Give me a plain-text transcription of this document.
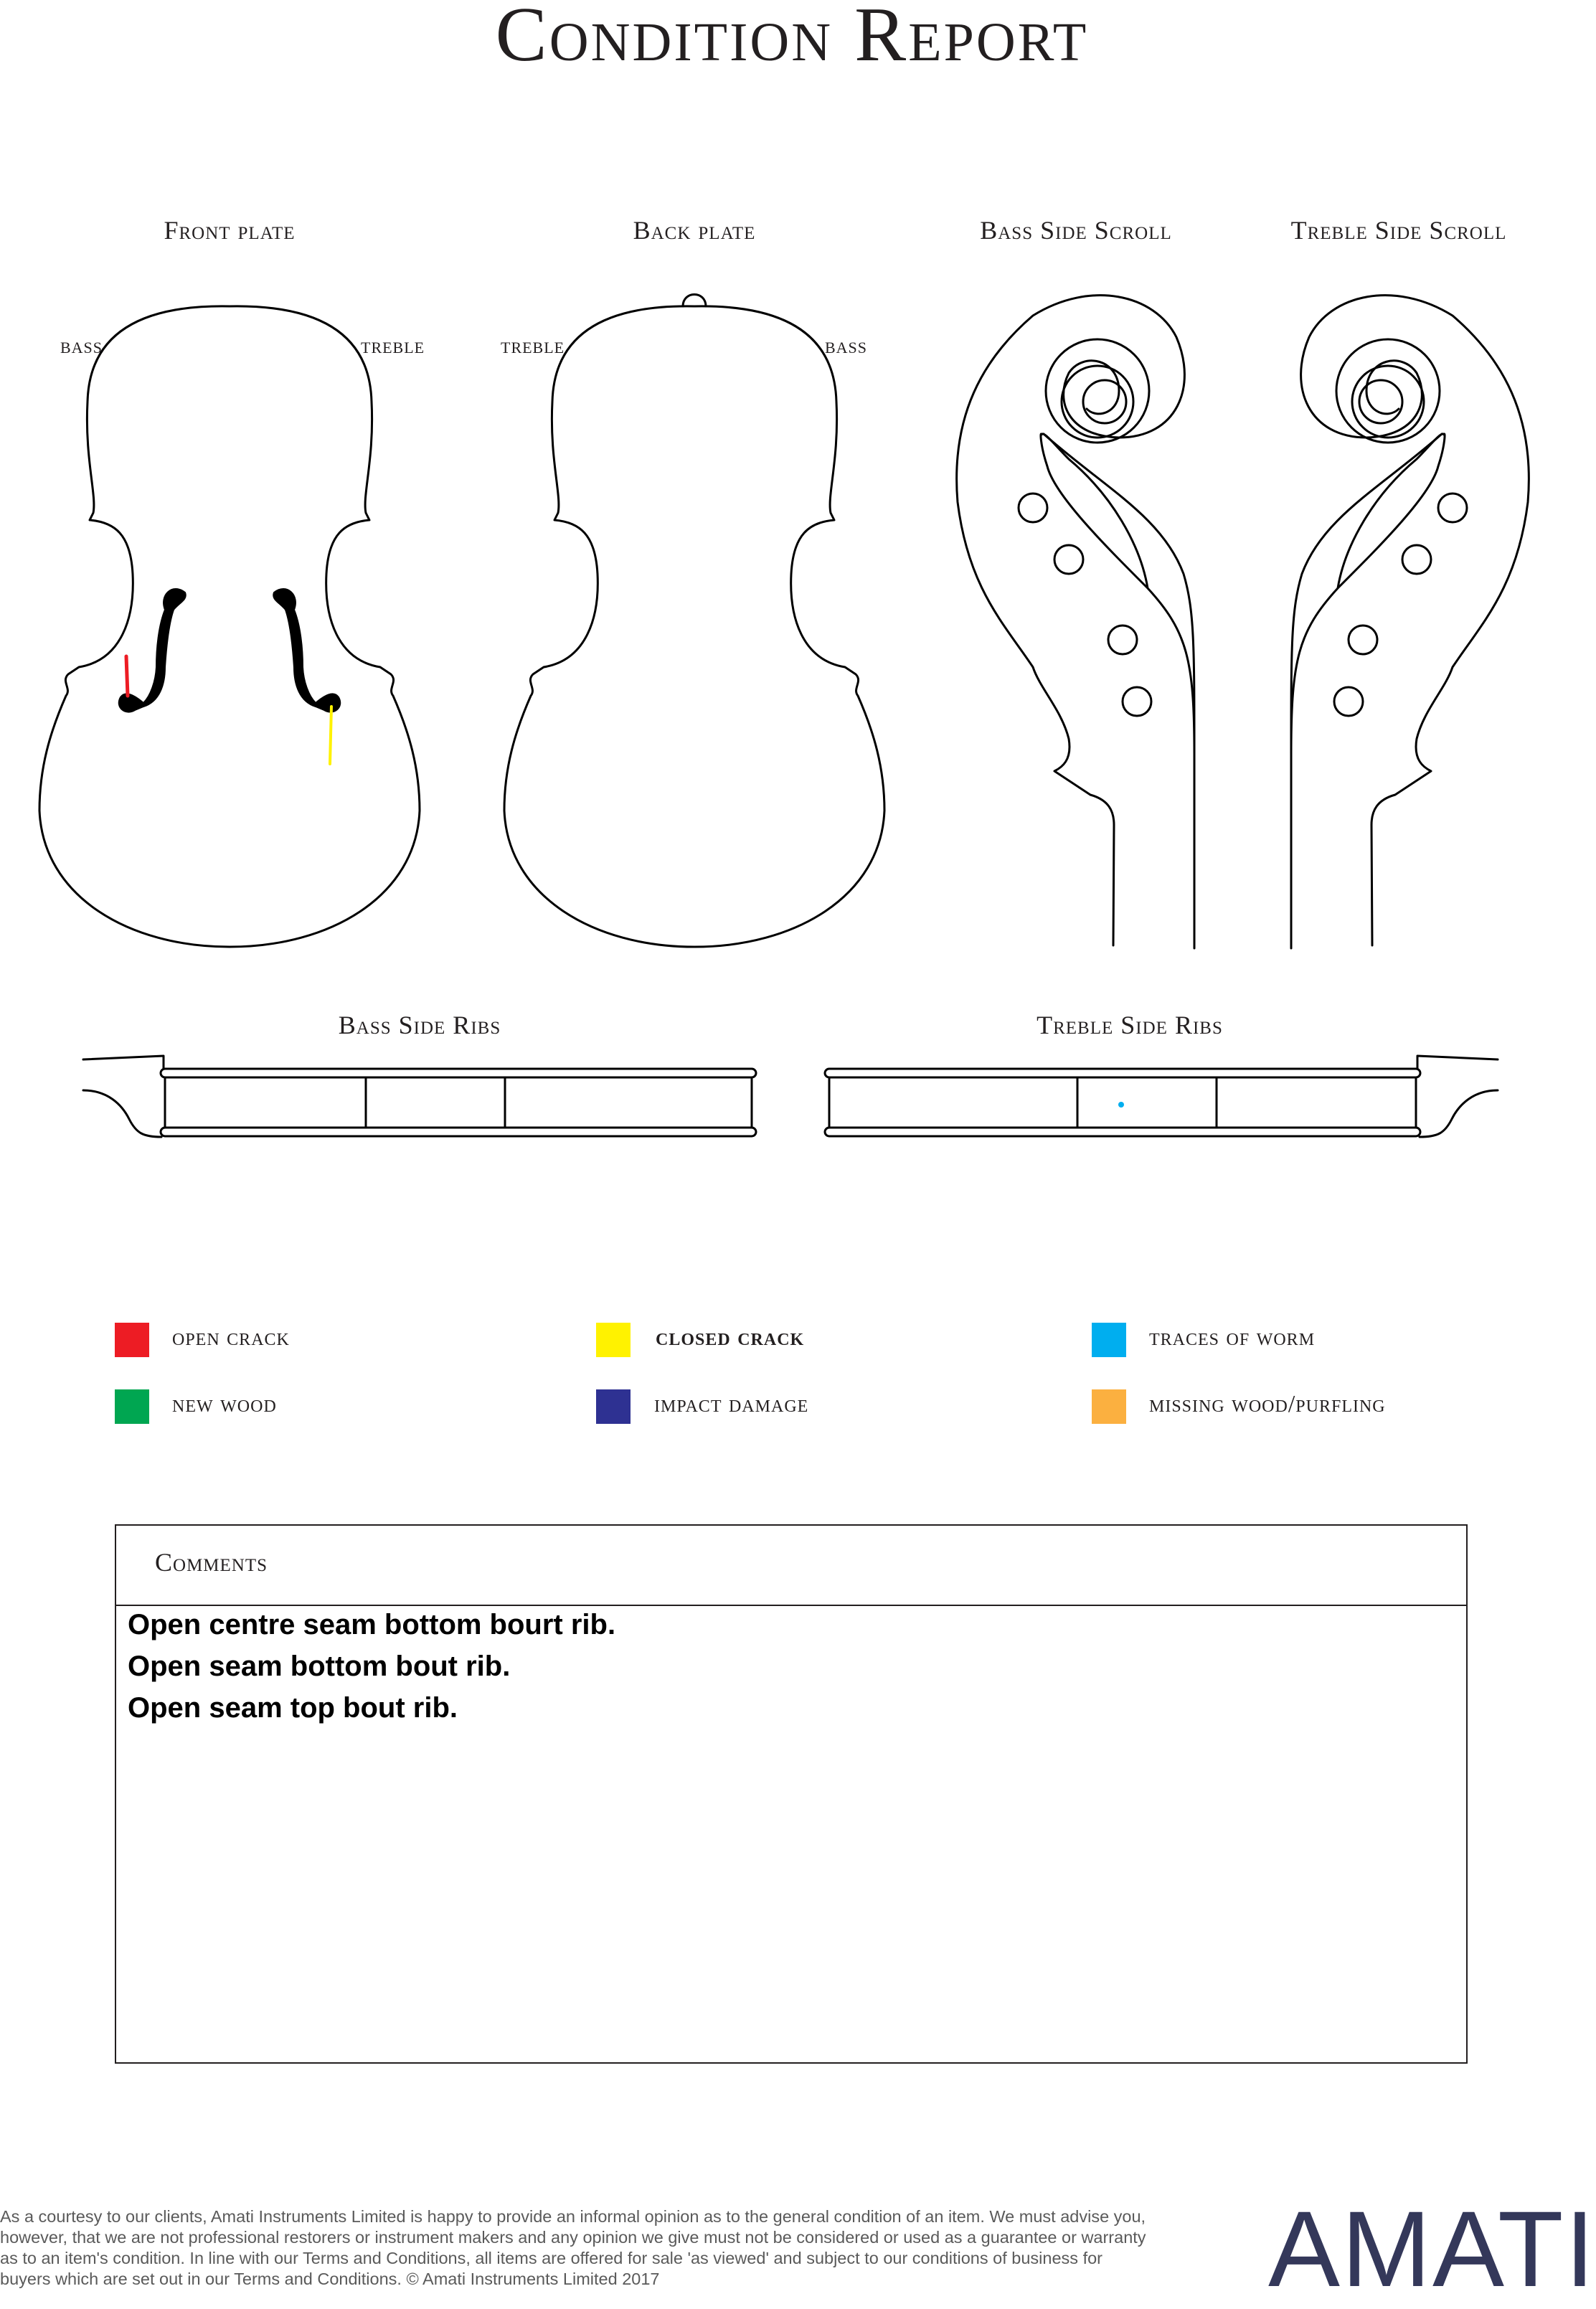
Condition Report
Front plate	Back plate	Bass Side Scroll	Treble Side Scroll
Bass Side Ribs	Treble Side Ribs
BASS	TREBLE	TREBLE	BASS
open crack	closed crack	traces of worm
new wood	impact damage	missing wood/purfling
Comments
Open centre seam bottom bourt rib.
Open seam bottom bout rib.
Open seam top bout rib.
As a courtesy to our clients, Amati Instruments Limited is happy to provide an informal opinion as to the general condition of an item. We must advise you, however, that we are not professional restorers or instrument makers and any opinion we give must not be considered or used as a guarantee or warranty as to an item's condition. In line with our Terms and Conditions, all items are offered for sale 'as viewed' and subject to our conditions of business for buyers which are set out in our Terms and Conditions. © Amati Instruments Limited 2017	AMATI
